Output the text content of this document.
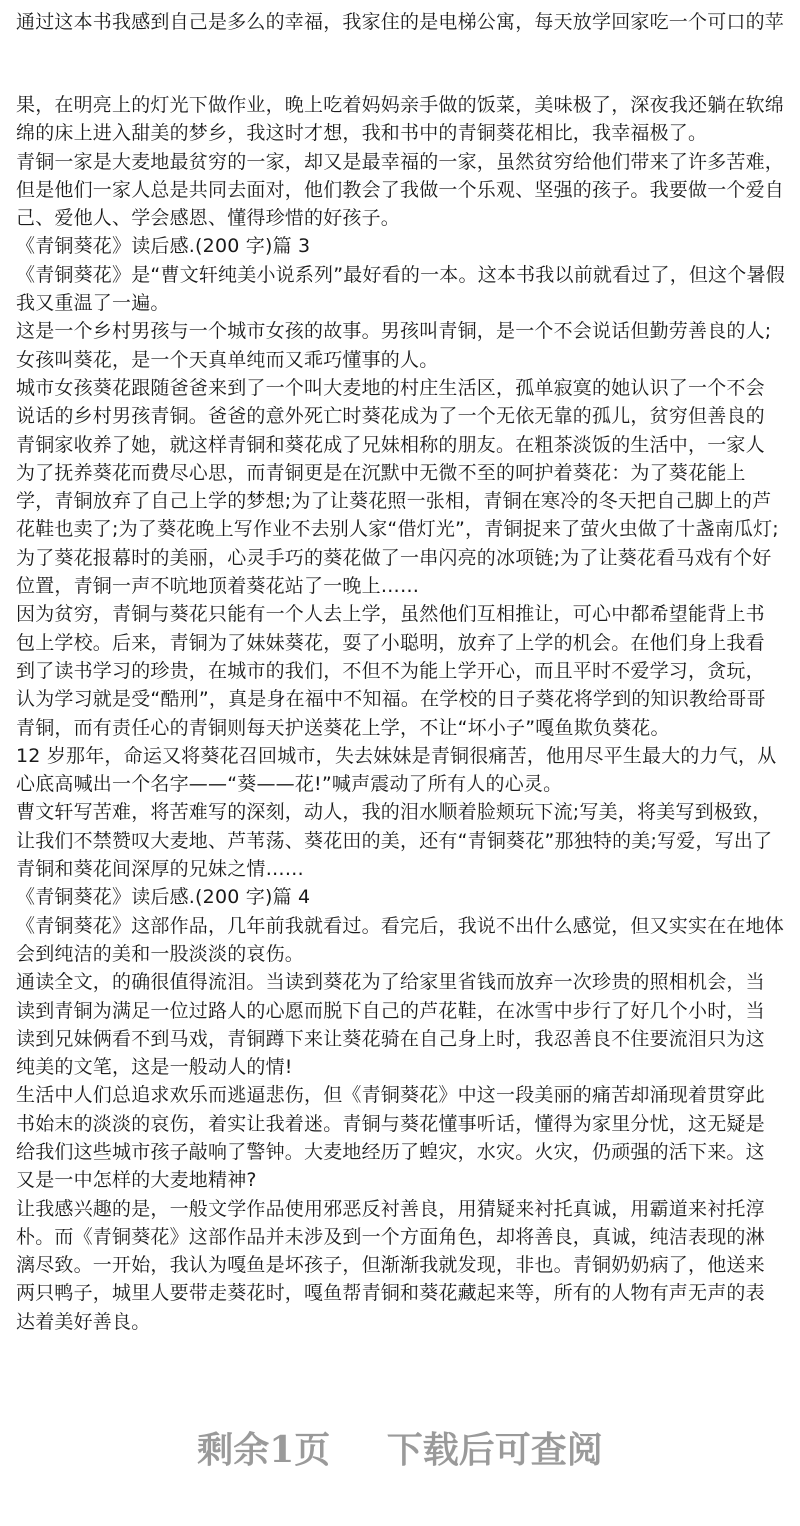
通过这本书我感到自己是多么的幸福，我家住的是电梯公寓，每天放学回家吃一个可口的苹
果，在明亮上的灯光下做作业，晚上吃着妈妈亲手做的饭菜，美味极了，深夜我还躺在软绵
绵的床上进入甜美的梦乡，我这时才想，我和书中的青铜葵花相比，我幸福极了。
青铜一家是大麦地最贫穷的一家，却又是最幸福的一家，虽然贫穷给他们带来了许多苦难，
但是他们一家人总是共同去面对，他们教会了我做一个乐观、坚强的孩子。我要做一个爱自
己、爱他人、学会感恩、懂得珍惜的好孩子。
《青铜葵花》读后感.(200 字)篇 3
《青铜葵花》是“曹文轩纯美小说系列”最好看的一本。这本书我以前就看过了，但这个暑假
我又重温了一遍。
这是一个乡村男孩与一个城市女孩的故事。男孩叫青铜，是一个不会说话但勤劳善良的人;
女孩叫葵花，是一个天真单纯而又乖巧懂事的人。
城市女孩葵花跟随爸爸来到了一个叫大麦地的村庄生活区，孤单寂寞的她认识了一个不会
说话的乡村男孩青铜。爸爸的意外死亡时葵花成为了一个无依无靠的孤儿，贫穷但善良的
青铜家收养了她，就这样青铜和葵花成了兄妹相称的朋友。在粗茶淡饭的生活中，一家人
为了抚养葵花而费尽心思，而青铜更是在沉默中无微不至的呵护着葵花：为了葵花能上
学，青铜放弃了自己上学的梦想;为了让葵花照一张相，青铜在寒冷的冬天把自己脚上的芦
花鞋也卖了;为了葵花晚上写作业不去别人家“借灯光”，青铜捉来了萤火虫做了十盏南瓜灯;
为了葵花报幕时的美丽，心灵手巧的葵花做了一串闪亮的冰项链;为了让葵花看马戏有个好
位置，青铜一声不吭地顶着葵花站了一晚上……
因为贫穷，青铜与葵花只能有一个人去上学，虽然他们互相推让，可心中都希望能背上书
包上学校。后来，青铜为了妹妹葵花，耍了小聪明，放弃了上学的机会。在他们身上我看
到了读书学习的珍贵，在城市的我们，不但不为能上学开心，而且平时不爱学习，贪玩，
认为学习就是受“酷刑”，真是身在福中不知福。在学校的日子葵花将学到的知识教给哥哥
青铜，而有责任心的青铜则每天护送葵花上学，不让“坏小子”嘎鱼欺负葵花。
12 岁那年，命运又将葵花召回城市，失去妹妹是青铜很痛苦，他用尽平生最大的力气，从
心底高喊出一个名字——“葵——花!”喊声震动了所有人的心灵。
曹文轩写苦难，将苦难写的深刻，动人，我的泪水顺着脸颊玩下流;写美，将美写到极致，
让我们不禁赞叹大麦地、芦苇荡、葵花田的美，还有“青铜葵花”那独特的美;写爱，写出了
青铜和葵花间深厚的兄妹之情……
《青铜葵花》读后感.(200 字)篇 4
《青铜葵花》这部作品，几年前我就看过。看完后，我说不出什么感觉，但又实实在在地体
会到纯洁的美和一股淡淡的哀伤。
通读全文，的确很值得流泪。当读到葵花为了给家里省钱而放弃一次珍贵的照相机会，当
读到青铜为满足一位过路人的心愿而脱下自己的芦花鞋，在冰雪中步行了好几个小时，当
读到兄妹俩看不到马戏，青铜蹲下来让葵花骑在自己身上时，我忍善良不住要流泪只为这
纯美的文笔，这是一般动人的情!
生活中人们总追求欢乐而逃逼悲伤，但《青铜葵花》中这一段美丽的痛苦却涌现着贯穿此
书始末的淡淡的哀伤，着实让我着迷。青铜与葵花懂事听话，懂得为家里分忧，这无疑是
给我们这些城市孩子敲响了警钟。大麦地经历了蝗灾，水灾。火灾，仍顽强的活下来。这
又是一中怎样的大麦地精神?
让我感兴趣的是，一般文学作品使用邪恶反衬善良，用猜疑来衬托真诚，用霸道来衬托淳
朴。而《青铜葵花》这部作品并未涉及到一个方面角色，却将善良，真诚，纯洁表现的淋
漓尽致。一开始，我认为嘎鱼是坏孩子，但渐渐我就发现，非也。青铜奶奶病了，他送来
两只鸭子，城里人要带走葵花时，嘎鱼帮青铜和葵花藏起来等，所有的人物有声无声的表
达着美好善良。
剩余1页 下载后可查阅
